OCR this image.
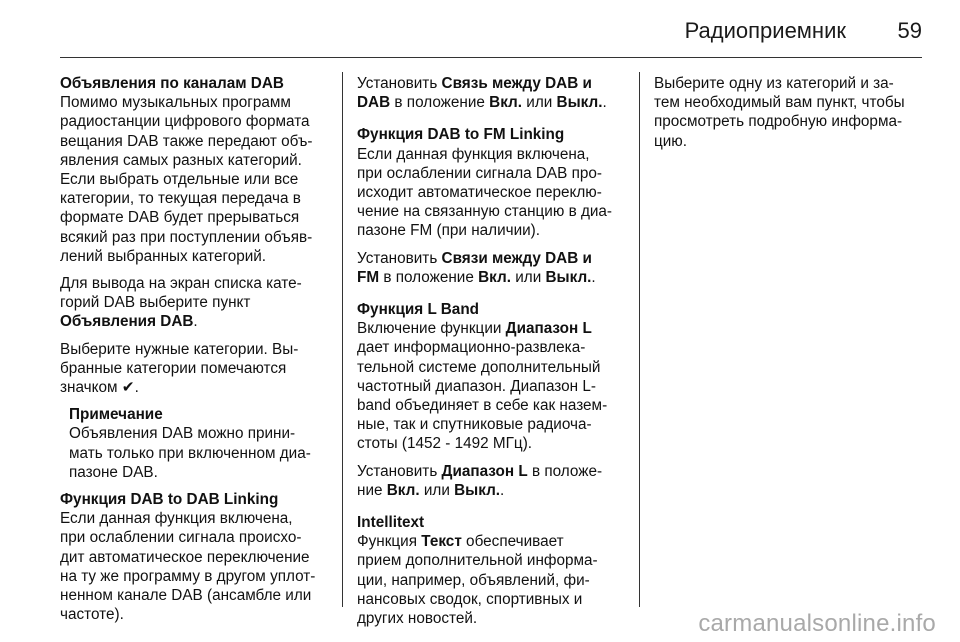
Радиоприемник 59
Объявления по каналам DAB
Помимо музыкальных программ
радиостанции цифрового формата
вещания DAB также передают объ-
явления самых разных категорий.
Если выбрать отдельные или все
категории, то текущая передача в
формате DAB будет прерываться
всякий раз при поступлении объяв-
лений выбранных категорий.
Для вывода на экран списка кате-
горий DAB выберите пункт
Объявления DAB.
Выберите нужные категории. Вы-
бранные категории помечаются
значком ✔.
Примечание
Объявления DAB можно прини-
мать только при включенном диа-
пазоне DAB.
Функция DAB to DAB Linking
Если данная функция включена,
при ослаблении сигнала происхо-
дит автоматическое переключение
на ту же программу в другом уплот-
ненном канале DAB (ансамбле или
частоте).
Установить Связь между DAB и
DAB в положение Вкл. или Выкл..
Функция DAB to FM Linking
Если данная функция включена,
при ослаблении сигнала DAB про-
исходит автоматическое переклю-
чение на связанную станцию в диа-
пазоне FM (при наличии).
Установить Связи между DAB и
FM в положение Вкл. или Выкл..
Функция L Band
Включение функции Диапазон L
дает информационно-развлека-
тельной системе дополнительный
частотный диапазон. Диапазон L-
band объединяет в себе как назем-
ные, так и спутниковые радиоча-
стоты (1452 - 1492 МГц).
Установить Диапазон L в положе-
ние Вкл. или Выкл..
Intellitext
Функция Текст обеспечивает
прием дополнительной информа-
ции, например, объявлений, фи-
нансовых сводок, спортивных и
других новостей.
Выберите одну из категорий и за-
тем необходимый вам пункт, чтобы
просмотреть подробную информа-
цию.
carmanualsonline.info
